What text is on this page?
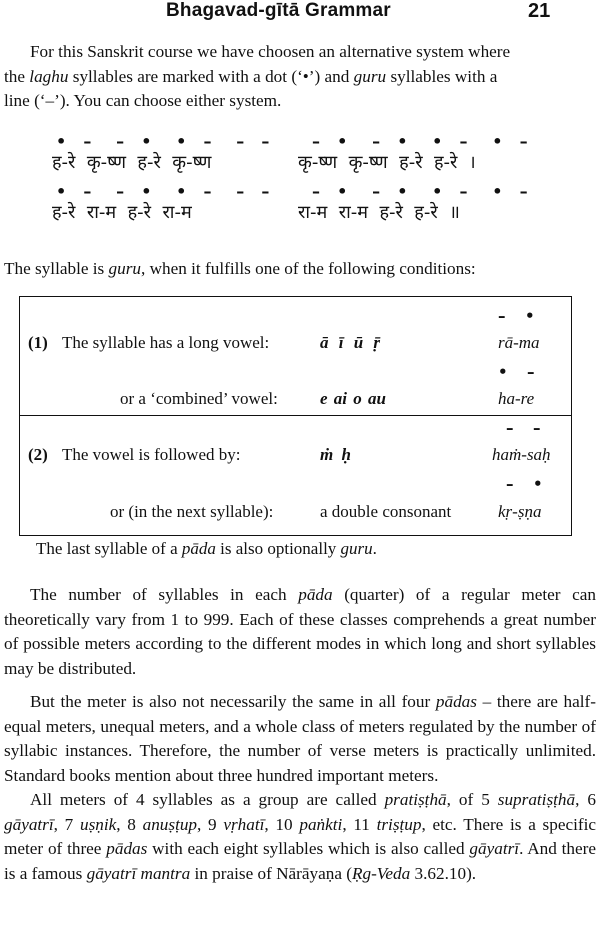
Bhagavad-gītā Grammar	21

For this Sanskrit course we have choosen an alternative system where
the laghu syllables are marked with a dot (‘•’) and guru syllables with a
line (‘–’). You can choose either system.

•  –   –  •   •  –   –  –
ह-रे  कृ-ष्ण  ह-रे  कृ-ष्ण
–  •   –  •   •  –   •  –
कृ-ष्ण  कृ-ष्ण  ह-रे  ह-रे  ।
•  –   –  •   •  –   –  –
ह-रे  रा-म  ह-रे  रा-म
–  •   –  •   •  –   •  –
रा-म  रा-म  ह-रे  ह-रे  ॥
The syllable is guru, when it fulfills one of the following conditions:
–  •
(1) The syllable has a long vowel:	ā ī ū ṝ	rā-ma
•  –
or a ‘combined’ vowel: e ai o au	ha-re
–  –
(2) The vowel is followed by:	ṁ ḥ	haṁ-saḥ
–  •
or (in the next syllable):	a double consonant	kṛ-ṣṇa
The last syllable of a pāda is also optionally guru.

The number of syllables in each pāda (quarter) of a regular meter can theoretically vary from 1 to 999. Each of these classes comprehends a great number of possible meters according to the different modes in which long and short syllables may be distributed.

But the meter is also not necessarily the same in all four pādas – there are half-equal meters, unequal meters, and a whole class of meters regulated by the number of syllabic instances. Therefore, the number of verse meters is practically unlimited. Standard books mention about three hundred important meters.

All meters of 4 syllables as a group are called pratiṣṭhā, of 5 supratiṣṭhā, 6 gāyatrī, 7 uṣṇik, 8 anuṣṭup, 9 vṛhatī, 10 paṅkti, 11 triṣṭup, etc. There is a specific meter of three pādas with each eight syllables which is also called gāyatrī. And there is a famous gāyatrī mantra in praise of Nārāyaṇa (Ṛg-Veda 3.62.10).
